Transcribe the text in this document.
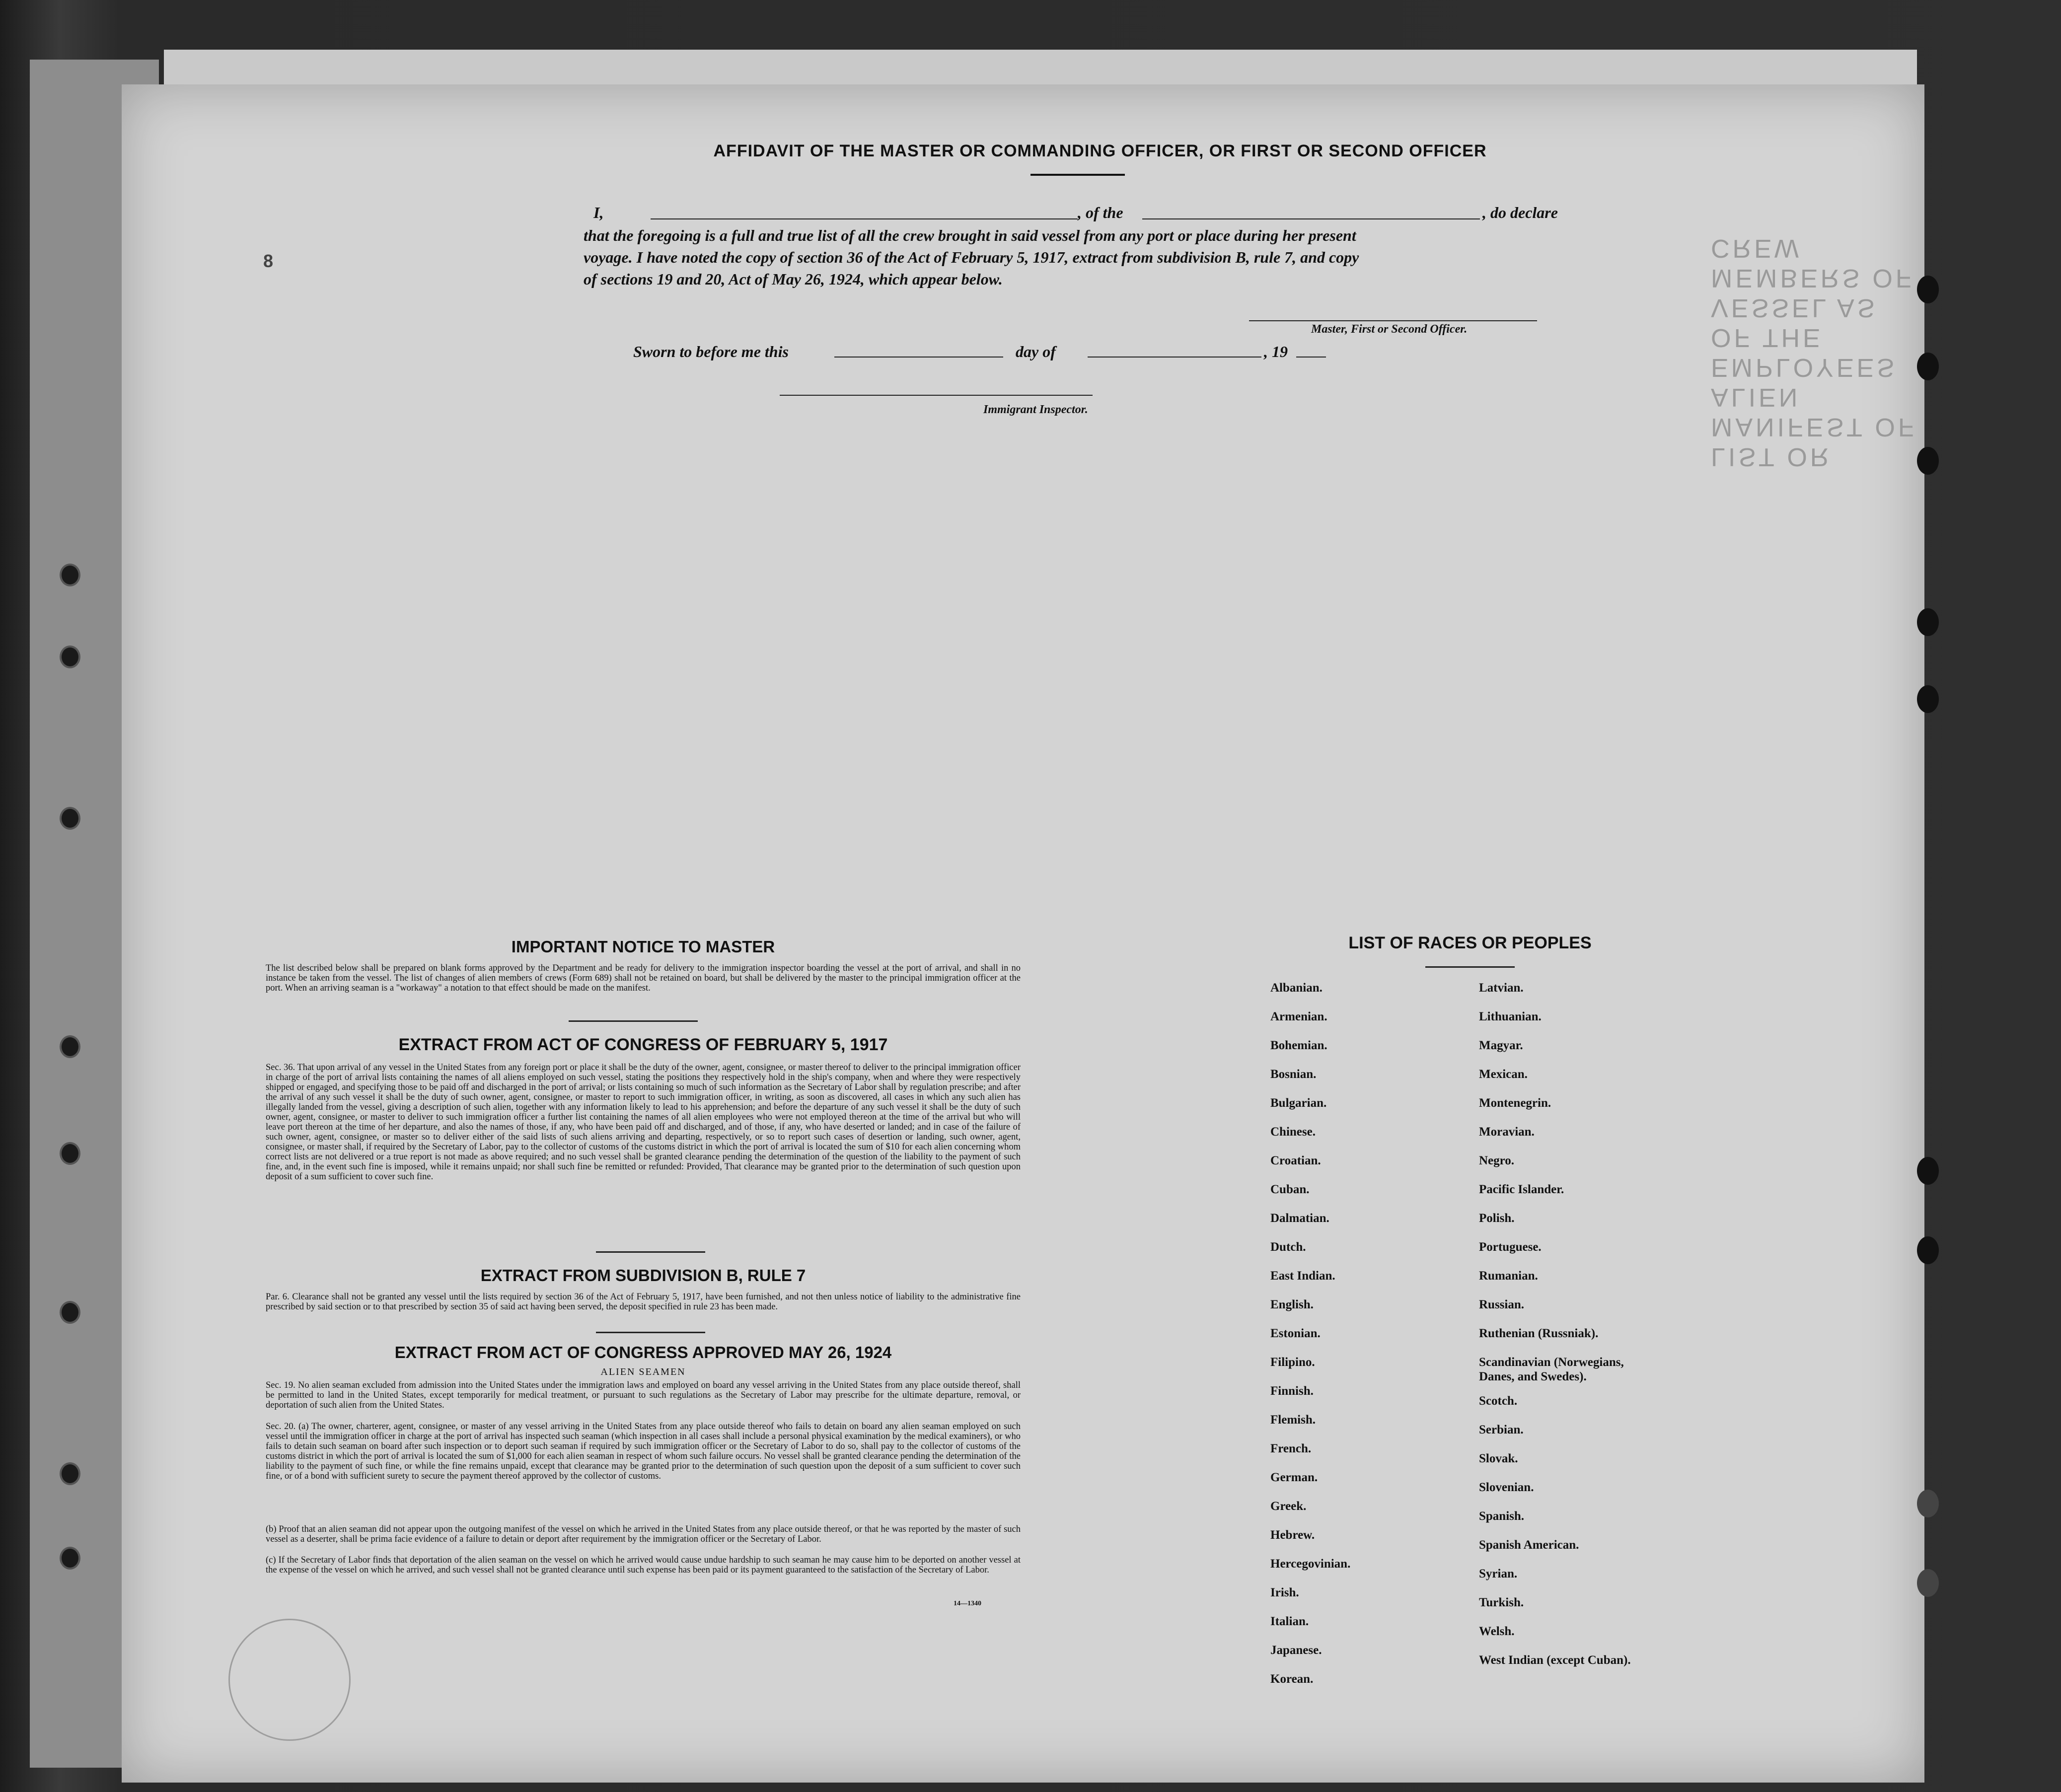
LIST OR MANIFEST OF ALIEN EMPLOYEES OF THE VESSEL AS MEMBERS OF CREW
AFFIDAVIT OF THE MASTER OR COMMANDING OFFICER, OR FIRST OR SECOND OFFICER
8
I,	, of the	, do declare
that the foregoing is a full and true list of all the crew brought in said vessel from any port or place during her present
voyage. I have noted the copy of section 36 of the Act of February 5, 1917, extract from subdivision B, rule 7, and copy
of sections 19 and 20, Act of May 26, 1924, which appear below.
Master, First or Second Officer.
Sworn to before me this	day of	, 19
Immigrant Inspector.
IMPORTANT NOTICE TO MASTER
The list described below shall be prepared on blank forms approved by the Department and be ready for delivery to the immigration inspector boarding the vessel at the port of arrival, and shall in no instance be taken from the vessel. The list of changes of alien members of crews (Form 689) shall not be retained on board, but shall be delivered by the master to the principal immigration officer at the port. When an arriving seaman is a "workaway" a notation to that effect should be made on the manifest.
EXTRACT FROM ACT OF CONGRESS OF FEBRUARY 5, 1917
Sec. 36. That upon arrival of any vessel in the United States from any foreign port or place it shall be the duty of the owner, agent, consignee, or master thereof to deliver to the principal immigration officer in charge of the port of arrival lists containing the names of all aliens employed on such vessel, stating the positions they respectively hold in the ship's company, when and where they were respectively shipped or engaged, and specifying those to be paid off and discharged in the port of arrival; or lists containing so much of such information as the Secretary of Labor shall by regulation prescribe; and after the arrival of any such vessel it shall be the duty of such owner, agent, consignee, or master to report to such immigration officer, in writing, as soon as discovered, all cases in which any such alien has illegally landed from the vessel, giving a description of such alien, together with any information likely to lead to his apprehension; and before the departure of any such vessel it shall be the duty of such owner, agent, consignee, or master to deliver to such immigration officer a further list containing the names of all alien employees who were not employed thereon at the time of the arrival but who will leave port thereon at the time of her departure, and also the names of those, if any, who have been paid off and discharged, and of those, if any, who have deserted or landed; and in case of the failure of such owner, agent, consignee, or master so to deliver either of the said lists of such aliens arriving and departing, respectively, or so to report such cases of desertion or landing, such owner, agent, consignee, or master shall, if required by the Secretary of Labor, pay to the collector of customs of the customs district in which the port of arrival is located the sum of $10 for each alien concerning whom correct lists are not delivered or a true report is not made as above required; and no such vessel shall be granted clearance pending the determination of the question of the liability to the payment of such fine, and, in the event such fine is imposed, while it remains unpaid; nor shall such fine be remitted or refunded: Provided, That clearance may be granted prior to the determination of such question upon deposit of a sum sufficient to cover such fine.
EXTRACT FROM SUBDIVISION B, RULE 7
Par. 6. Clearance shall not be granted any vessel until the lists required by section 36 of the Act of February 5, 1917, have been furnished, and not then unless notice of liability to the administrative fine prescribed by said section or to that prescribed by section 35 of said act having been served, the deposit specified in rule 23 has been made.
EXTRACT FROM ACT OF CONGRESS APPROVED MAY 26, 1924
ALIEN SEAMEN
Sec. 19. No alien seaman excluded from admission into the United States under the immigration laws and employed on board any vessel arriving in the United States from any place outside thereof, shall be permitted to land in the United States, except temporarily for medical treatment, or pursuant to such regulations as the Secretary of Labor may prescribe for the ultimate departure, removal, or deportation of such alien from the United States.
Sec. 20. (a) The owner, charterer, agent, consignee, or master of any vessel arriving in the United States from any place outside thereof who fails to detain on board any alien seaman employed on such vessel until the immigration officer in charge at the port of arrival has inspected such seaman (which inspection in all cases shall include a personal physical examination by the medical examiners), or who fails to detain such seaman on board after such inspection or to deport such seaman if required by such immigration officer or the Secretary of Labor to do so, shall pay to the collector of customs of the customs district in which the port of arrival is located the sum of $1,000 for each alien seaman in respect of whom such failure occurs. No vessel shall be granted clearance pending the determination of the liability to the payment of such fine, or while the fine remains unpaid, except that clearance may be granted prior to the determination of such question upon the deposit of a sum sufficient to cover such fine, or of a bond with sufficient surety to secure the payment thereof approved by the collector of customs.
(b) Proof that an alien seaman did not appear upon the outgoing manifest of the vessel on which he arrived in the United States from any place outside thereof, or that he was reported by the master of such vessel as a deserter, shall be prima facie evidence of a failure to detain or deport after requirement by the immigration officer or the Secretary of Labor.
(c) If the Secretary of Labor finds that deportation of the alien seaman on the vessel on which he arrived would cause undue hardship to such seaman he may cause him to be deported on another vessel at the expense of the vessel on which he arrived, and such vessel shall not be granted clearance until such expense has been paid or its payment guaranteed to the satisfaction of the Secretary of Labor.
14—1340
LIST OF RACES OR PEOPLES
Albanian.
Armenian.
Bohemian.
Bosnian.
Bulgarian.
Chinese.
Croatian.
Cuban.
Dalmatian.
Dutch.
East Indian.
English.
Estonian.
Filipino.
Finnish.
Flemish.
French.
German.
Greek.
Hebrew.
Hercegovinian.
Irish.
Italian.
Japanese.
Korean.
Latvian.
Lithuanian.
Magyar.
Mexican.
Montenegrin.
Moravian.
Negro.
Pacific Islander.
Polish.
Portuguese.
Rumanian.
Russian.
Ruthenian (Russniak).
Scandinavian (Norwegians,
Danes, and Swedes).
Scotch.
Serbian.
Slovak.
Slovenian.
Spanish.
Spanish American.
Syrian.
Turkish.
Welsh.
West Indian (except Cuban).
